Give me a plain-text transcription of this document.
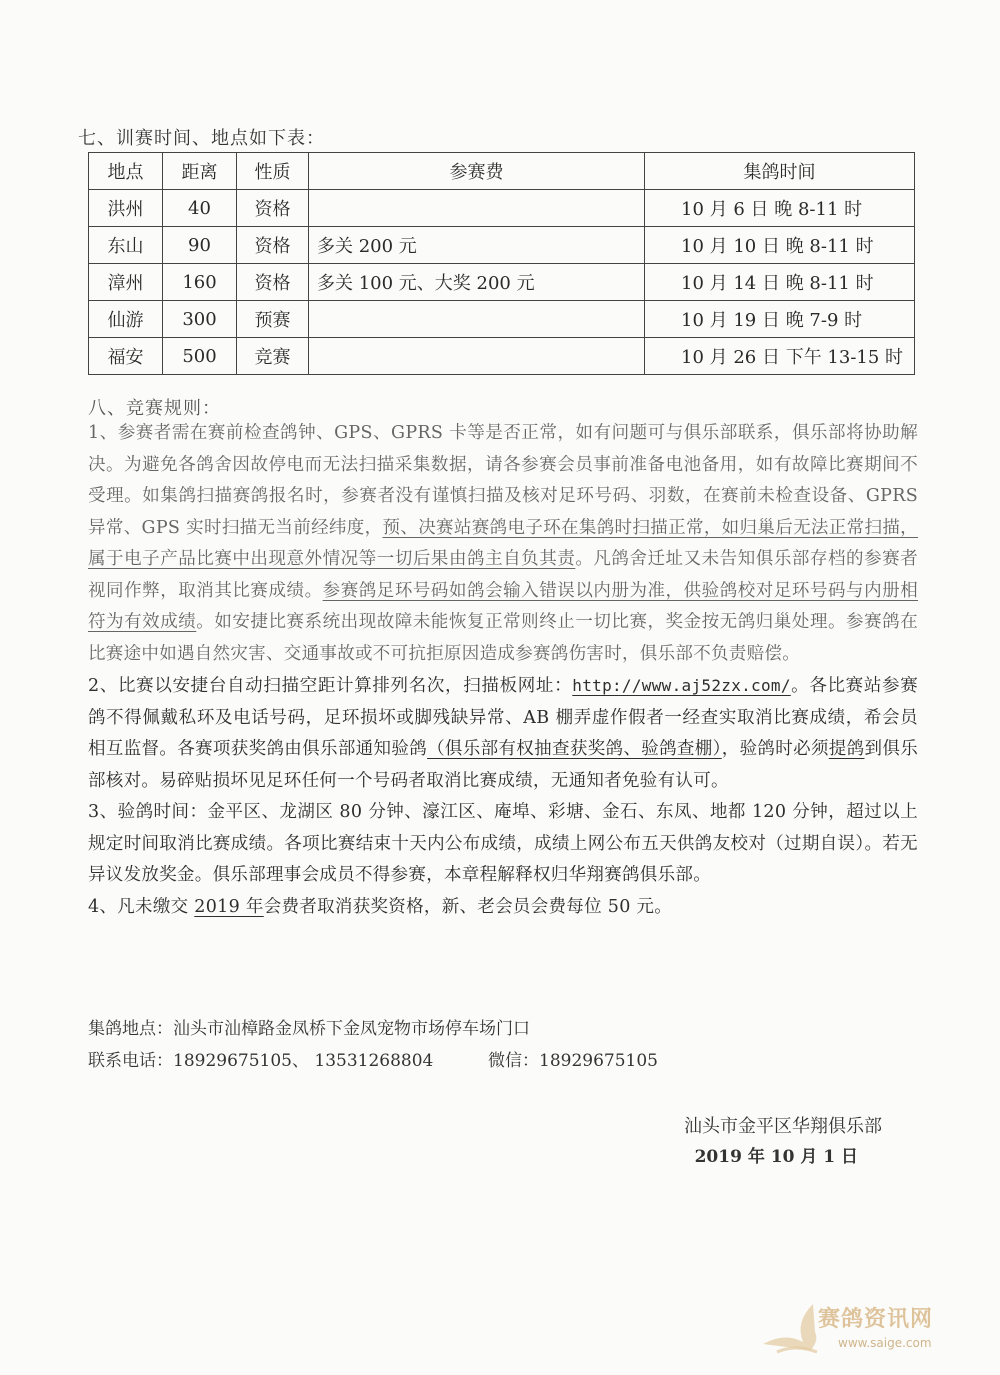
七、训赛时间、地点如下表：
地点	距离	性质	参赛费	集鸽时间
洪州	40	资格		10 月 6 日 晚 8-11 时
东山	90	资格	多关 200 元	10 月 10 日 晚 8-11 时
漳州	160	资格	多关 100 元、大奖 200 元	10 月 14 日 晚 8-11 时
仙游	300	预赛		10 月 19 日 晚 7-9 时
福安	500	竞赛		10 月 26 日 下午 13-15 时
八、竞赛规则：

1、参赛者需在赛前检查鸽钟、GPS、GPRS 卡等是否正常，如有问题可与俱乐部联系，俱乐部将协助解决。为避免各鸽舍因故停电而无法扫描采集数据，请各参赛会员事前准备电池备用，如有故障比赛期间不受理。如集鸽扫描赛鸽报名时，参赛者没有谨慎扫描及核对足环号码、羽数，在赛前未检查设备、GPRS 异常、GPS 实时扫描无当前经纬度，预、决赛站赛鸽电子环在集鸽时扫描正常，如归巢后无法正常扫描，属于电子产品比赛中出现意外情况等一切后果由鸽主自负其责。凡鸽舍迁址又未告知俱乐部存档的参赛者视同作弊，取消其比赛成绩。参赛鸽足环号码如鸽会输入错误以内册为准，供验鸽校对足环号码与内册相符为有效成绩。如安捷比赛系统出现故障未能恢复正常则终止一切比赛，奖金按无鸽归巢处理。参赛鸽在比赛途中如遇自然灾害、交通事故或不可抗拒原因造成参赛鸽伤害时，俱乐部不负责赔偿。

2、比赛以安捷台自动扫描空距计算排列名次，扫描板网址：http://www.aj52zx.com/。各比赛站参赛鸽不得佩戴私环及电话号码，足环损坏或脚残缺异常、AB 棚弄虚作假者一经查实取消比赛成绩，希会员相互监督。各赛项获奖鸽由俱乐部通知验鸽（俱乐部有权抽查获奖鸽、验鸽查棚），验鸽时必须提鸽到俱乐部核对。易碎贴损坏见足环任何一个号码者取消比赛成绩，无通知者免验有认可。

3、验鸽时间：金平区、龙湖区 80 分钟、濠江区、庵埠、彩塘、金石、东凤、地都 120 分钟，超过以上规定时间取消比赛成绩。各项比赛结束十天内公布成绩，成绩上网公布五天供鸽友校对（过期自误）。若无异议发放奖金。俱乐部理事会成员不得参赛，本章程解释权归华翔赛鸽俱乐部。

4、凡未缴交 2019 年会费者取消获奖资格，新、老会员会费每位 50 元。

集鸽地点：汕头市汕樟路金凤桥下金凤宠物市场停车场门口
联系电话：18929675105、 13531268804	微信：18929675105
汕头市金平区华翔俱乐部
2019 年 10 月 1 日
赛鸽资讯网
www.saige.com
